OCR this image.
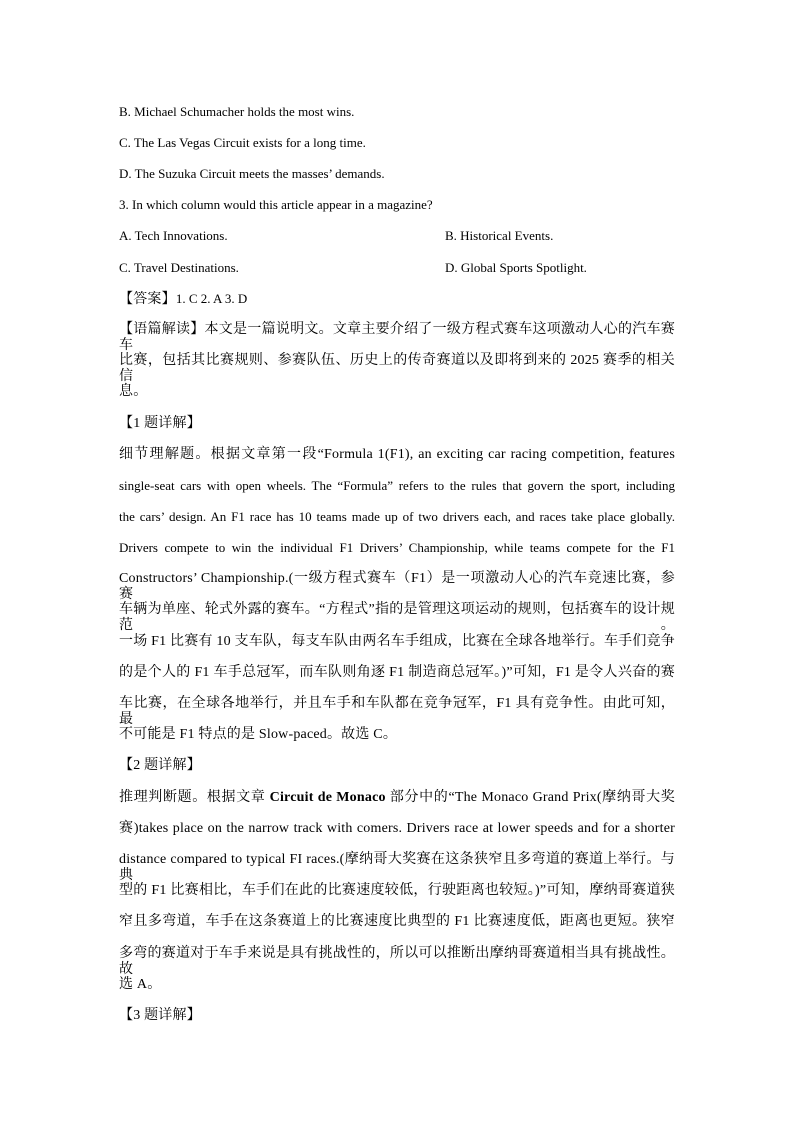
B. Michael Schumacher holds the most wins.
C. The Las Vegas Circuit exists for a long time.
D. The Suzuka Circuit meets the masses’ demands.
3. In which column would this article appear in a magazine?
A. Tech Innovations.	B. Historical Events.
C. Travel Destinations.	D. Global Sports Spotlight.
【答案】1. C 2. A 3. D
【语篇解读】本文是一篇说明文。文章主要介绍了一级方程式赛车这项激动人心的汽车赛车
比赛，包括其比赛规则、参赛队伍、历史上的传奇赛道以及即将到来的 2025 赛季的相关信
息。
【1 题详解】
细节理解题。根据文章第一段“Formula 1(F1), an exciting car racing competition, features
single-seat cars with open wheels. The “Formula” refers to the rules that govern the sport, including
the cars’ design. An F1 race has 10 teams made up of two drivers each, and races take place globally.
Drivers compete to win the individual F1 Drivers’ Championship, while teams compete for the F1
Constructors’ Championship.(一级方程式赛车（F1）是一项激动人心的汽车竞速比赛，参赛
车辆为单座、轮式外露的赛车。“方程式”指的是管理这项运动的规则，包括赛车的设计规范。
一场 F1 比赛有 10 支车队，每支车队由两名车手组成，比赛在全球各地举行。车手们竞争
的是个人的 F1 车手总冠军，而车队则角逐 F1 制造商总冠军。)”可知，F1 是令人兴奋的赛
车比赛，在全球各地举行，并且车手和车队都在竞争冠军，F1 具有竞争性。由此可知，最
不可能是 F1 特点的是 Slow-paced。故选 C。
【2 题详解】
推理判断题。根据文章 Circuit de Monaco 部分中的“The Monaco Grand Prix(摩纳哥大奖
赛)takes place on the narrow track with comers. Drivers race at lower speeds and for a shorter
distance compared to typical FI races.(摩纳哥大奖赛在这条狭窄且多弯道的赛道上举行。与典
型的 F1 比赛相比，车手们在此的比赛速度较低，行驶距离也较短。)”可知，摩纳哥赛道狭
窄且多弯道，车手在这条赛道上的比赛速度比典型的 F1 比赛速度低，距离也更短。狭窄
多弯的赛道对于车手来说是具有挑战性的，所以可以推断出摩纳哥赛道相当具有挑战性。故
选 A。
【3 题详解】
